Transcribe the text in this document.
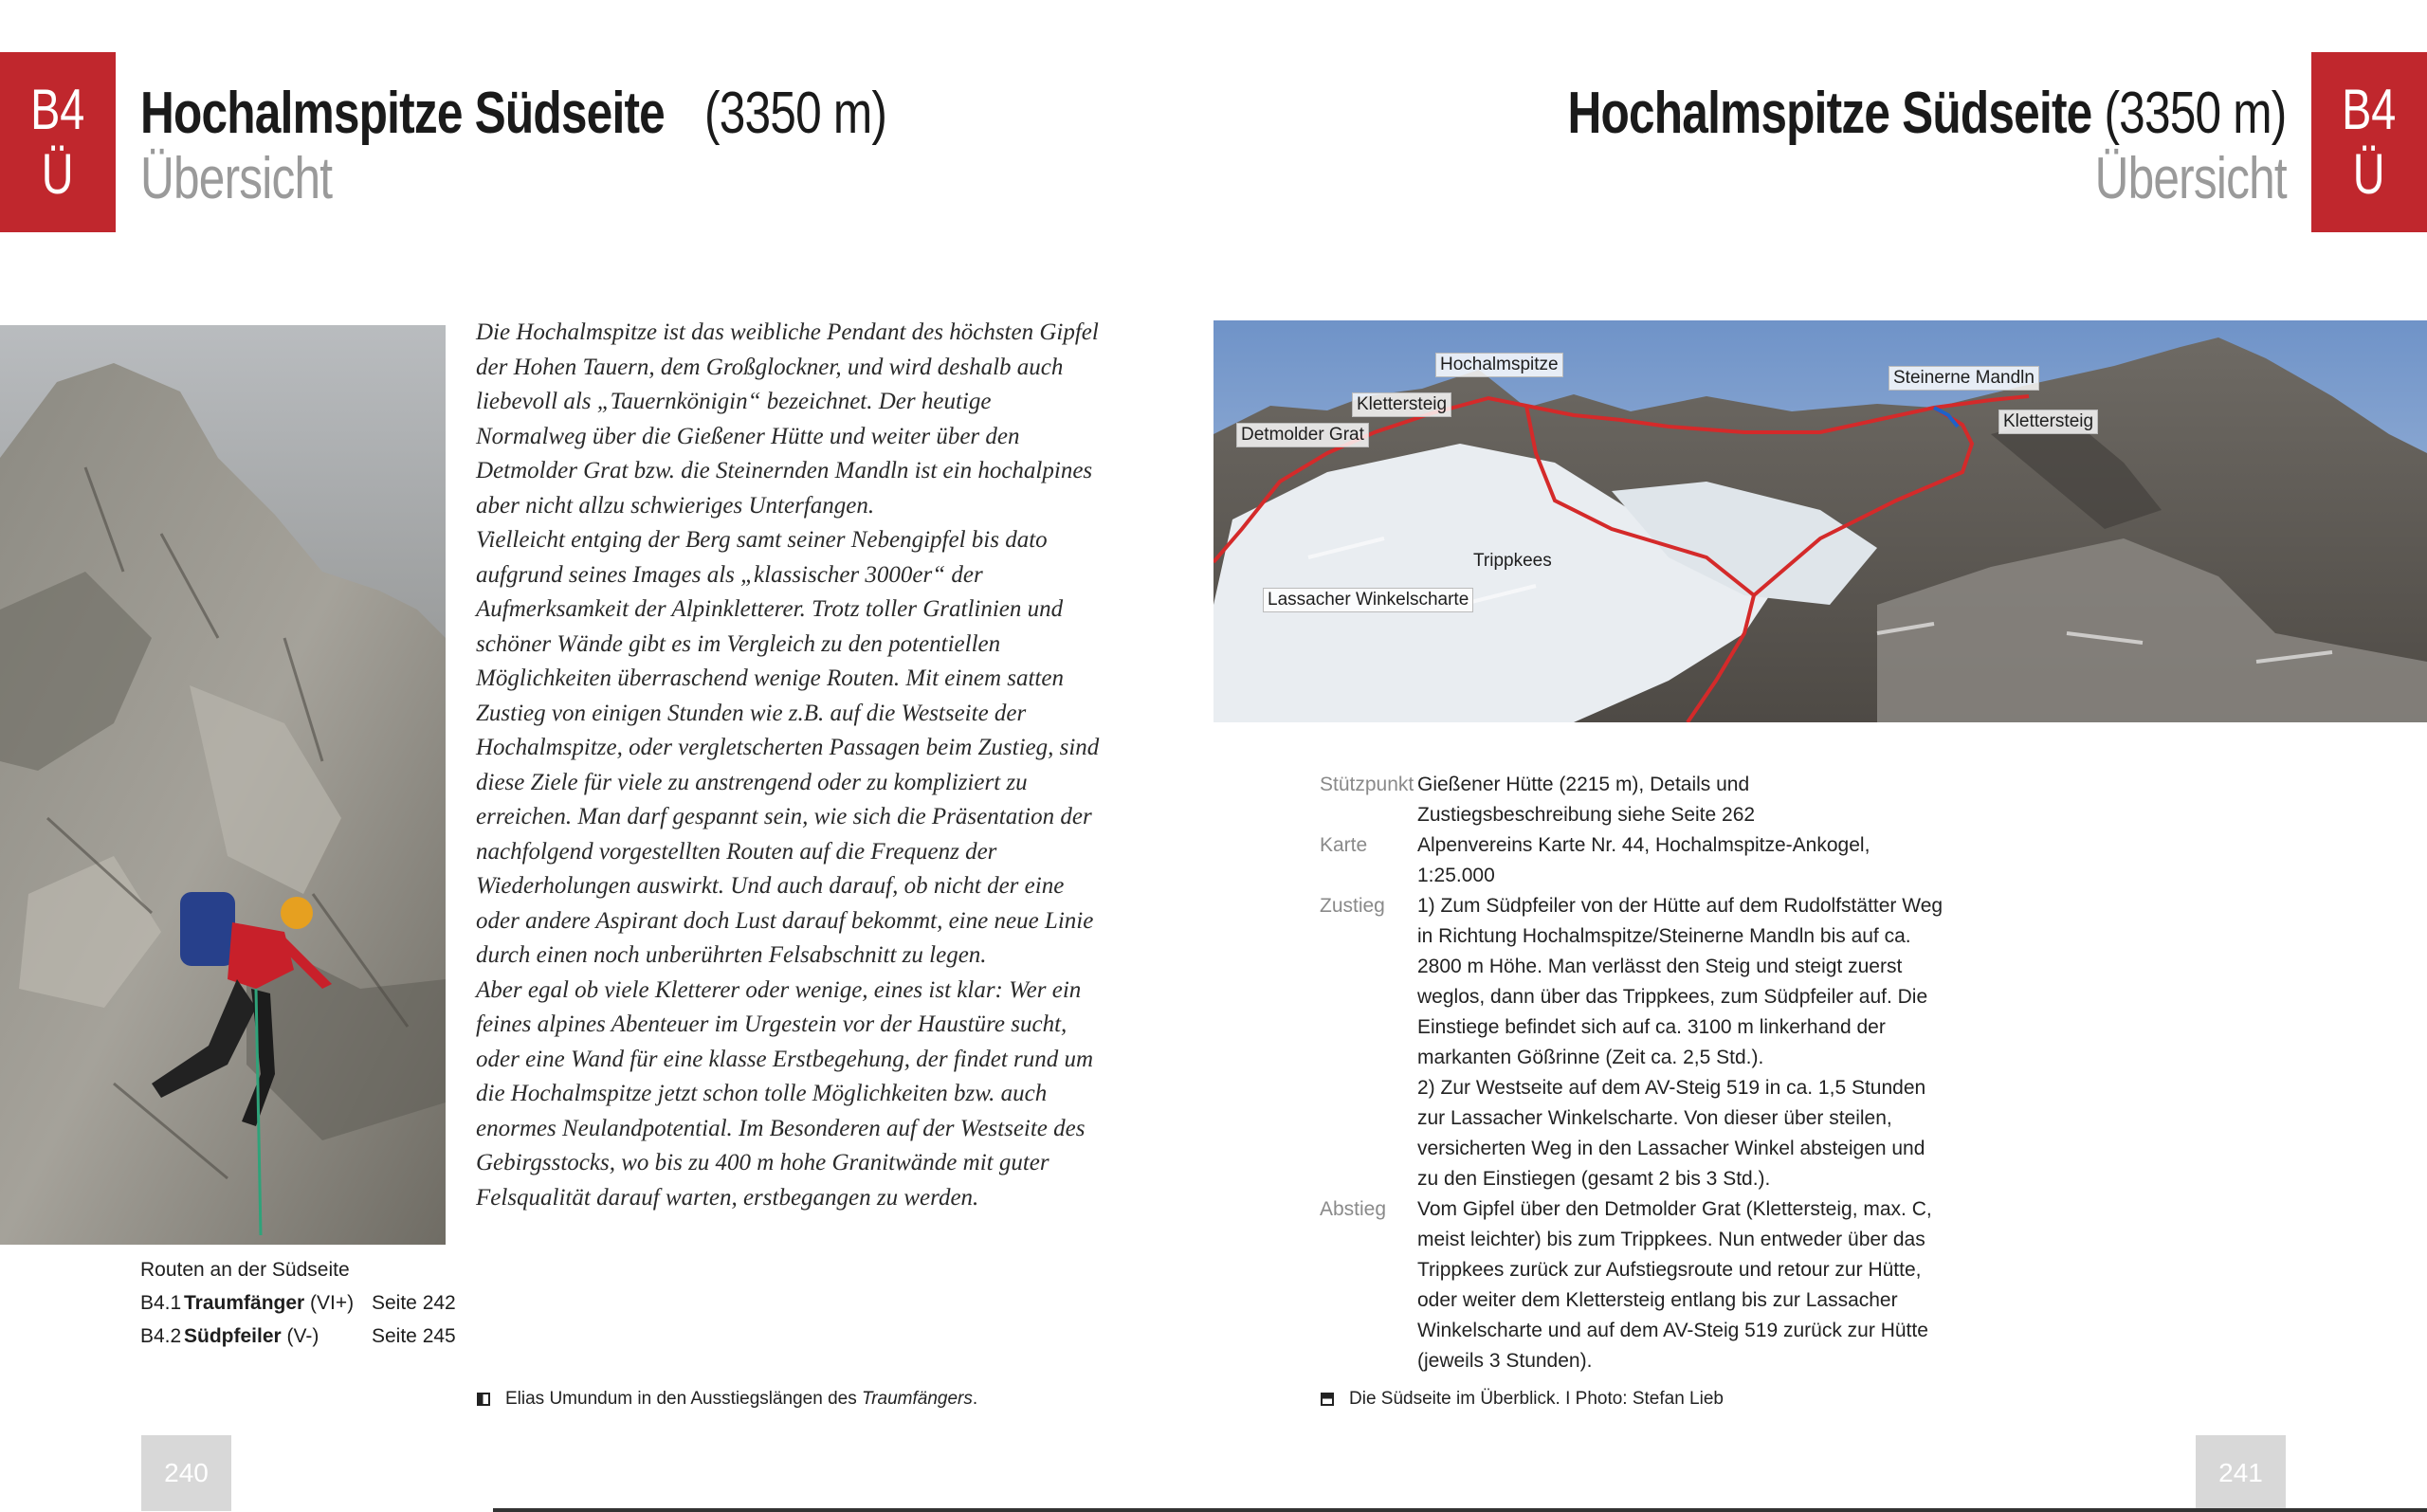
B4
Ü
Hochalmspitze Südseite (3350 m)
Übersicht
Routen an der Südseite
B4.1 Traumfänger (VI+) Seite 242
B4.2 Südpfeiler (V-)	Seite 245

Die Hochalmspitze ist das weibliche Pendant des höchsten Gipfel der Hohen Tauern, dem Großglockner, und wird deshalb auch liebevoll als „Tauernkönigin“ bezeichnet. Der heutige Normalweg über die Gießener Hütte und weiter über den Detmolder Grat bzw. die Steinernden Mandln ist ein hochalpines aber nicht allzu schwieriges Unterfangen.

Vielleicht entging der Berg samt seiner Nebengipfel bis dato aufgrund seines Images als „klassischer 3000er“ der Aufmerksamkeit der Alpinkletterer. Trotz toller Gratlinien und schöner Wände gibt es im Vergleich zu den potentiellen Möglichkeiten überraschend wenige Routen. Mit einem satten Zustieg von einigen Stunden wie z.B. auf die Westseite der Hochalmspitze, oder vergletscherten Passagen beim Zustieg, sind diese Ziele für viele zu anstrengend oder zu kompliziert zu erreichen. Man darf gespannt sein, wie sich die Präsentation der nachfolgend vorgestellten Routen auf die Frequenz der Wiederholungen auswirkt. Und auch darauf, ob nicht der eine oder andere Aspirant doch Lust darauf bekommt, eine neue Linie durch einen noch unberührten Felsabschnitt zu legen.

Aber egal ob viele Kletterer oder wenige, eines ist klar: Wer ein feines alpines Abenteuer im Urgestein vor der Haustüre sucht, oder eine Wand für eine klasse Erstbegehung, der findet rund um die Hochalmspitze jetzt schon tolle Möglichkeiten bzw. auch enormes Neulandpotential. Im Besonderen auf der Westseite des Gebirgsstocks, wo bis zu 400 m hohe Granitwände mit guter Felsqualität darauf warten, erstbegangen zu werden.

Elias Umundum in den Ausstiegslängen des Traumfängers .
240
B4
Ü
Hochalmspitze Südseite (3350 m)
Übersicht
Hochalmspitze
Klettersteig
Detmolder Grat
Steinerne Mandln
Klettersteig
Trippkees
Lassacher Winkelscharte
Stützpunkt Gießener Hütte (2215 m), Details und Zustiegsbeschreibung siehe Seite 262
Karte	Alpenvereins Karte Nr. 44, Hochalmspitze-Ankogel, 1:25.000
Zustieg	1) Zum Südpfeiler von der Hütte auf dem Rudolfstätter Weg in Richtung Hochalmspitze/Steinerne Mandln bis auf ca. 2800 m Höhe. Man verlässt den Steig und steigt zuerst weglos, dann über das Trippkees, zum Südpfeiler auf. Die Einstiege befindet sich auf ca. 3100 m linkerhand der markanten Gößrinne (Zeit ca. 2,5 Std.).
2) Zur Westseite auf dem AV-Steig 519 in ca. 1,5 Stunden zur Lassacher Winkelscharte. Von dieser über steilen, versicherten Weg in den Lassacher Winkel absteigen und zu den Einstiegen (gesamt 2 bis 3 Std.).
Abstieg	Vom Gipfel über den Detmolder Grat (Klettersteig, max. C, meist leichter) bis zum Trippkees. Nun entweder über das Trippkees zurück zur Aufstiegsroute und retour zur Hütte, oder weiter dem Klettersteig entlang bis zur Lassacher Winkelscharte und auf dem AV-Steig 519 zurück zur Hütte (jeweils 3 Stunden).
Die Südseite im Überblick. I Photo: Stefan Lieb
241
